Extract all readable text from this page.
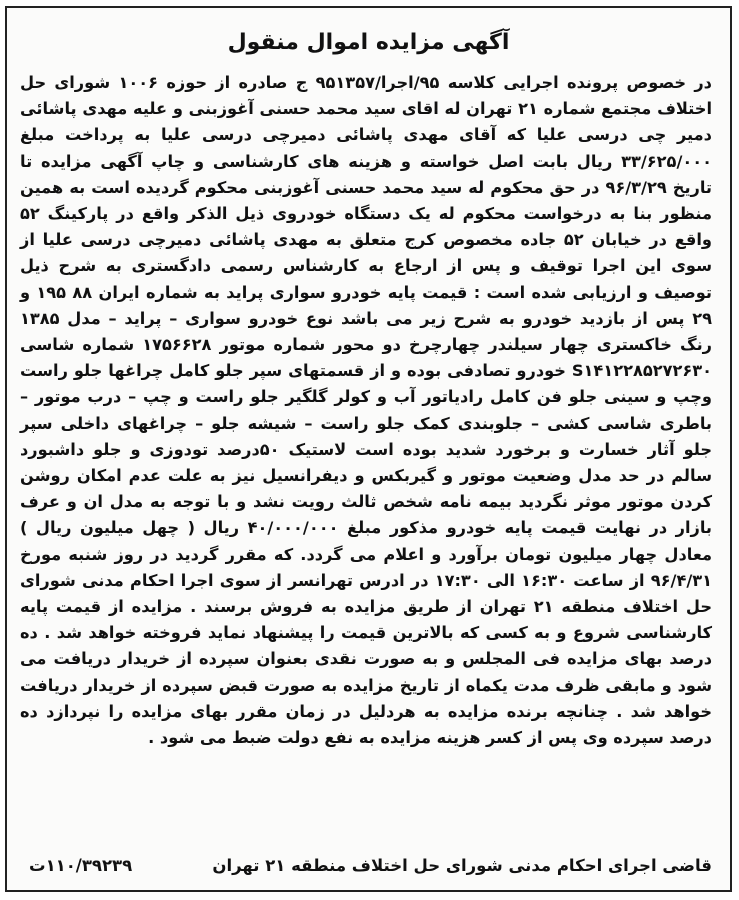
آگهی مزایده اموال منقول
در خصوص پرونده اجرایی کلاسه ۹۵/اجرا/۹۵۱۳۵۷ ج صادره از حوزه ۱۰۰۶ شورای حل اختلاف مجتمع شماره ۲۱ تهران له اقای سید محمد حسنی آغوزبنی و علیه مهدی پاشائی دمیر چی درسی علیا که آقای مهدی پاشائی دمیرچی درسی علیا به پرداخت مبلغ ۳۳/۶۲۵/۰۰۰ ریال بابت اصل خواسته و هزینه های کارشناسی و چاپ آگهی مزایده تا تاریخ ۹۶/۳/۲۹ در حق محکوم له سید محمد حسنی آغوزبنی محکوم گردیده است به همین منظور بنا به درخواست محکوم له یک دستگاه خودروی ذیل الذکر واقع در پارکینگ ۵۲ واقع در خیابان ۵۲ جاده مخصوص کرج متعلق به مهدی پاشائی دمیرچی درسی علیا از سوی این اجرا توقیف و پس از ارجاع به کارشناس رسمی دادگستری به شرح ذیل توصیف و ارزیابی شده است : قیمت پایه خودرو سواری پراید به شماره ایران ۸۸ ۱۹۵ و ۲۹ پس از بازدید خودرو به شرح زیر می باشد نوع خودرو سواری – پراید – مدل ۱۳۸۵ رنگ خاکستری چهار سیلندر چهارچرخ دو محور شماره موتور ۱۷۵۶۶۲۸ شماره شاسی S۱۴۱۲۲۸۵۲۷۲۶۳۰ خودرو تصادفی بوده و از قسمتهای سپر جلو کامل چراغها جلو راست وچپ و سینی جلو فن کامل رادیاتور آب و کولر گلگیر جلو راست و چپ – درب موتور – باطری شاسی کشی – جلوبندی کمک جلو راست – شیشه جلو – چراغهای داخلی سپر جلو آثار خسارت و برخورد شدید بوده است لاستیک ۵۰درصد تودوزی و جلو داشبورد سالم در حد مدل وضعیت موتور و گیربکس و دیفرانسیل نیز به علت عدم امکان روشن کردن موتور موثر نگردید بیمه نامه شخص ثالث رویت نشد و با توجه به مدل ان و عرف بازار در نهایت قیمت پایه خودرو مذکور مبلغ ۴۰/۰۰۰/۰۰۰ ریال ( چهل میلیون ریال ) معادل چهار میلیون تومان برآورد و اعلام می گردد. که مقرر گردید در روز شنبه مورخ ۹۶/۴/۳۱ از ساعت ۱۶:۳۰ الی ۱۷:۳۰ در ادرس تهرانسر از سوی اجرا احکام مدنی شورای حل اختلاف منطقه ۲۱ تهران از طریق مزایده به فروش برسند . مزایده از قیمت پایه کارشناسی شروع و به کسی که بالاترین قیمت را پیشنهاد نماید فروخته خواهد شد . ده درصد بهای مزایده فی المجلس و به صورت نقدی بعنوان سپرده از خریدار دریافت می شود و مابقی ظرف مدت یکماه از تاریخ مزایده به صورت قبض سپرده از خریدار دریافت خواهد شد . چنانچه برنده مزایده به هردلیل در زمان مقرر بهای مزایده را نپردازد ده درصد سپرده وی پس از کسر هزینه مزایده به نفع دولت ضبط می شود .
قاضی اجرای احکام مدنی شورای حل اختلاف منطقه ۲۱ تهران
۱۱۰/۳۹۲۳۹ت
